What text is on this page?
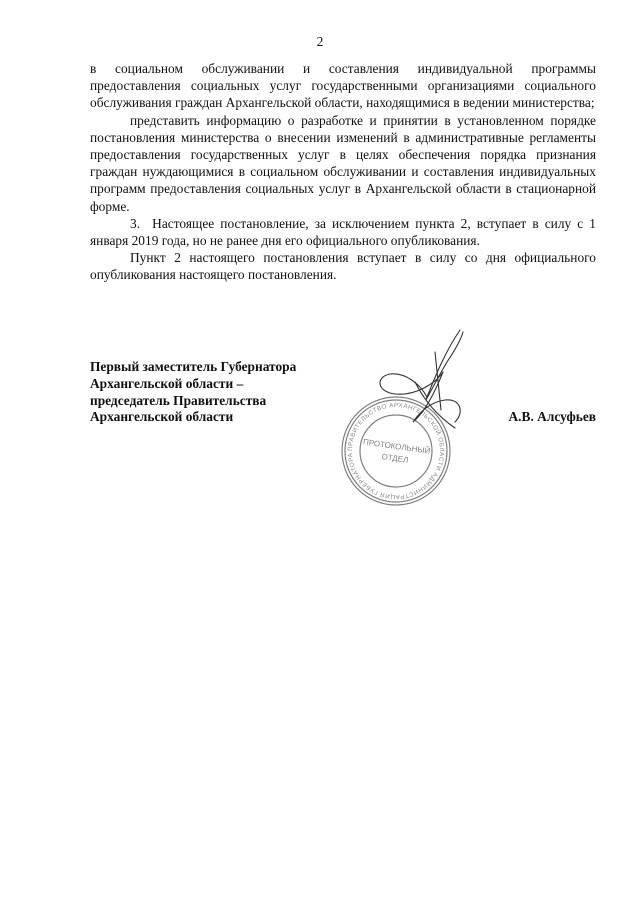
2

в социальном обслуживании и составления индивидуальной программы предоставления социальных услуг государственными организациями социального обслуживания граждан Архангельской области, находящимися в ведении министерства;

представить информацию о разработке и принятии в установленном порядке постановления министерства о внесении изменений в административные регламенты предоставления государственных услуг в целях обеспечения порядка признания граждан нуждающимися в социальном обслуживании и составления индивидуальных программ предоставления социальных услуг в Архангельской области в стационарной форме.

3.  Настоящее постановление, за исключением пункта 2, вступает в силу с 1 января 2019 года, но не ранее дня его официального опубликования.

Пункт 2 настоящего постановления вступает в силу со дня официального опубликования настоящего постановления.

Первый заместитель Губернатора
Архангельской области –
председатель Правительства
Архангельской области	А.В. Алсуфьев
ПРАВИТЕЛЬСТВО АРХАНГЕЛЬСКОЙ ОБЛАСТИ АДМИНИСТРАЦИЯ ГУБЕРНАТОРА	ПРОТОКОЛЬНЫЙ
ОТДЕЛ
